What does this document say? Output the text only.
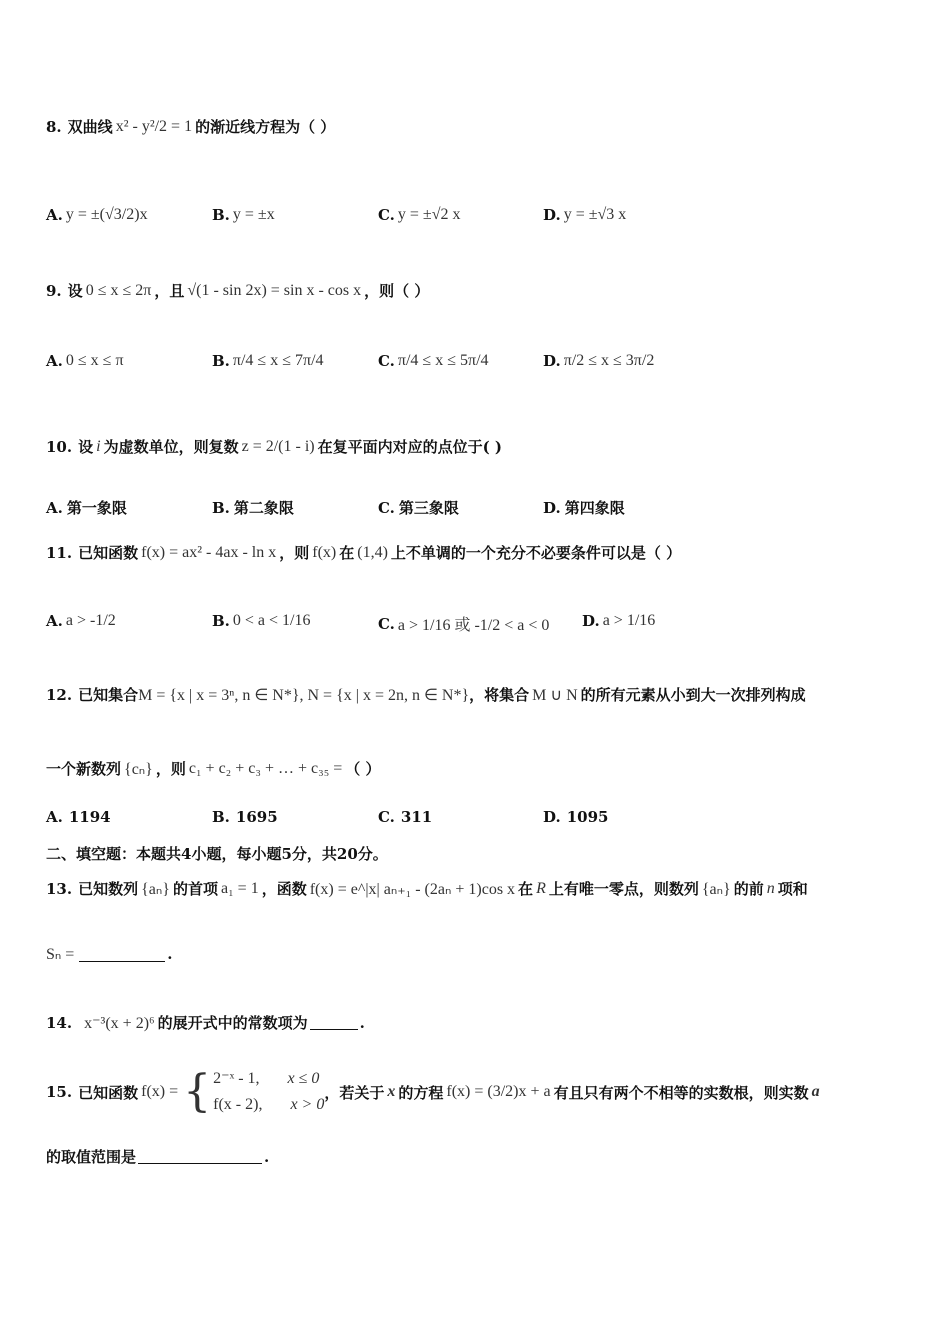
8. 双曲线 x² - y²/2 = 1 的渐近线方程为（ ）
A. y = ±(√3/2)x	B. y = ±x	C. y = ±√2 x	D. y = ±√3 x
9. 设 0 ≤ x ≤ 2π ，且 √(1 - sin 2x) = sin x - cos x ，则（ ）
A. 0 ≤ x ≤ π	B. π/4 ≤ x ≤ 7π/4	C. π/4 ≤ x ≤ 5π/4	D. π/2 ≤ x ≤ 3π/2
10. 设 i 为虚数单位，则复数 z = 2/(1 - i) 在复平面内对应的点位于( )
A. 第一象限	B. 第二象限	C. 第三象限	D. 第四象限
11. 已知函数 f(x) = ax² - 4ax - ln x ，则 f(x) 在 (1,4) 上不单调的一个充分不必要条件可以是（ ）
A. a > -1/2	B. 0 < a < 1/16	C. a > 1/16 或 -1/2 < a < 0 D. a > 1/16
12. 已知集合 M = {x | x = 3ⁿ, n ∈ N*} , N = {x | x = 2n, n ∈ N*} ，将集合 M ∪ N 的所有元素从小到大一次排列构成
一个新数列 {cₙ} ，则 c₁ + c₂ + c₃ + … + c₃₅ = （ ）
A. 1194	B. 1695	C. 311	D. 1095
二、填空题：本题共4小题，每小题5分，共20分。
13. 已知数列 {aₙ} 的首项 a₁ = 1 ，函数 f(x) = e^|x| aₙ₊₁ - (2aₙ + 1)cos x 在 R 上有唯一零点，则数列 {aₙ} 的前 n 项和
Sₙ =	.
14. x⁻³(x + 2)⁶ 的展开式中的常数项为	.
15. 已知函数 f(x) = { 2⁻ˣ - 1, x ≤ 0
f(x - 2), x > 0
，若关于 x 的方程 f(x) = (3/2)x + a 有且只有两个不相等的实数根，则实数 a
的取值范围是	.
